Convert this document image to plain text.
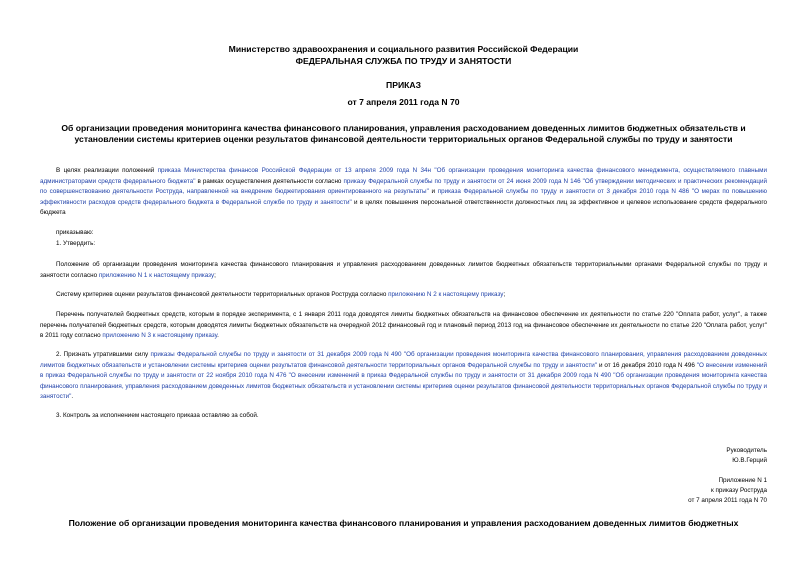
Министерство здравоохранения и социального развития Российской Федерации
ФЕДЕРАЛЬНАЯ СЛУЖБА ПО ТРУДУ И ЗАНЯТОСТИ
ПРИКАЗ
от 7 апреля 2011 года N 70
Об организации проведения мониторинга качества финансового планирования, управления расходованием доведенных лимитов бюджетных обязательств и установлении системы критериев оценки результатов финансовой деятельности территориальных органов Федеральной службы по труду и занятости
В целях реализации положений приказа Министерства финансов Российской Федерации от 13 апреля 2009 года N 34н "Об организации проведения мониторинга качества финансового менеджмента, осуществляемого главными администраторами средств федерального бюджета" в рамках осуществления деятельности согласно приказу Федеральной службы по труду и занятости от 24 июня 2009 года N 146 "Об утверждении методических и практических рекомендаций по совершенствованию деятельности Роструда, направленной на внедрение бюджетирования ориентированного на результаты" и приказа Федеральной службы по труду и занятости от 3 декабря 2010 года N 486 "О мерах по повышению эффективности расходов средств федерального бюджета в Федеральной службе по труду и занятости" и в целях повышения персональной ответственности должностных лиц за эффективное и целевое использование средств федерального бюджета
приказываю:
1. Утвердить:
Положение об организации проведения мониторинга качества финансового планирования и управления расходованием доведенных лимитов бюджетных обязательств территориальными органами Федеральной службы по труду и занятости согласно приложению N 1 к настоящему приказу;
Систему критериев оценки результатов финансовой деятельности территориальных органов Роструда согласно приложению N 2 к настоящему приказу;
Перечень получателей бюджетных средств, которым в порядке эксперимента, с 1 января 2011 года доводятся лимиты бюджетных обязательств на финансовое обеспечение их деятельности по статье 220 "Оплата работ, услуг", а также перечень получателей бюджетных средств, которым доводятся лимиты бюджетных обязательств на очередной 2012 финансовый год и плановый период 2013 год на финансовое обеспечение их деятельности по статье 220 "Оплата работ, услуг" в 2011 году согласно приложению N 3 к настоящему приказу.
2. Признать утратившими силу приказы Федеральной службы по труду и занятости от 31 декабря 2009 года N 490 "Об организации проведения мониторинга качества финансового планирования, управления расходованием доведенных лимитов бюджетных обязательств и установлении системы критериев оценки результатов финансовой деятельности территориальных органов Федеральной службы по труду и занятости" и от 16 декабря 2010 года N 496 "О внесении изменений в приказ Федеральной службы по труду и занятости от 22 ноября 2010 года N 476 "О внесении изменений в приказ Федеральной службы по труду и занятости от 31 декабря 2009 года N 490 "Об организации проведения мониторинга качества финансового планирования, управления расходованием доведенных лимитов бюджетных обязательств и установлении системы критериев оценки результатов финансовой деятельности территориальных органов Федеральной службы по труду и занятости".
3. Контроль за исполнением настоящего приказа оставляю за собой.
Руководитель
Ю.В.Герций
Приложение N 1
к приказу Роструда
от 7 апреля 2011 года N 70
Положение об организации проведения мониторинга качества финансового планирования и управления расходованием доведенных лимитов бюджетных
